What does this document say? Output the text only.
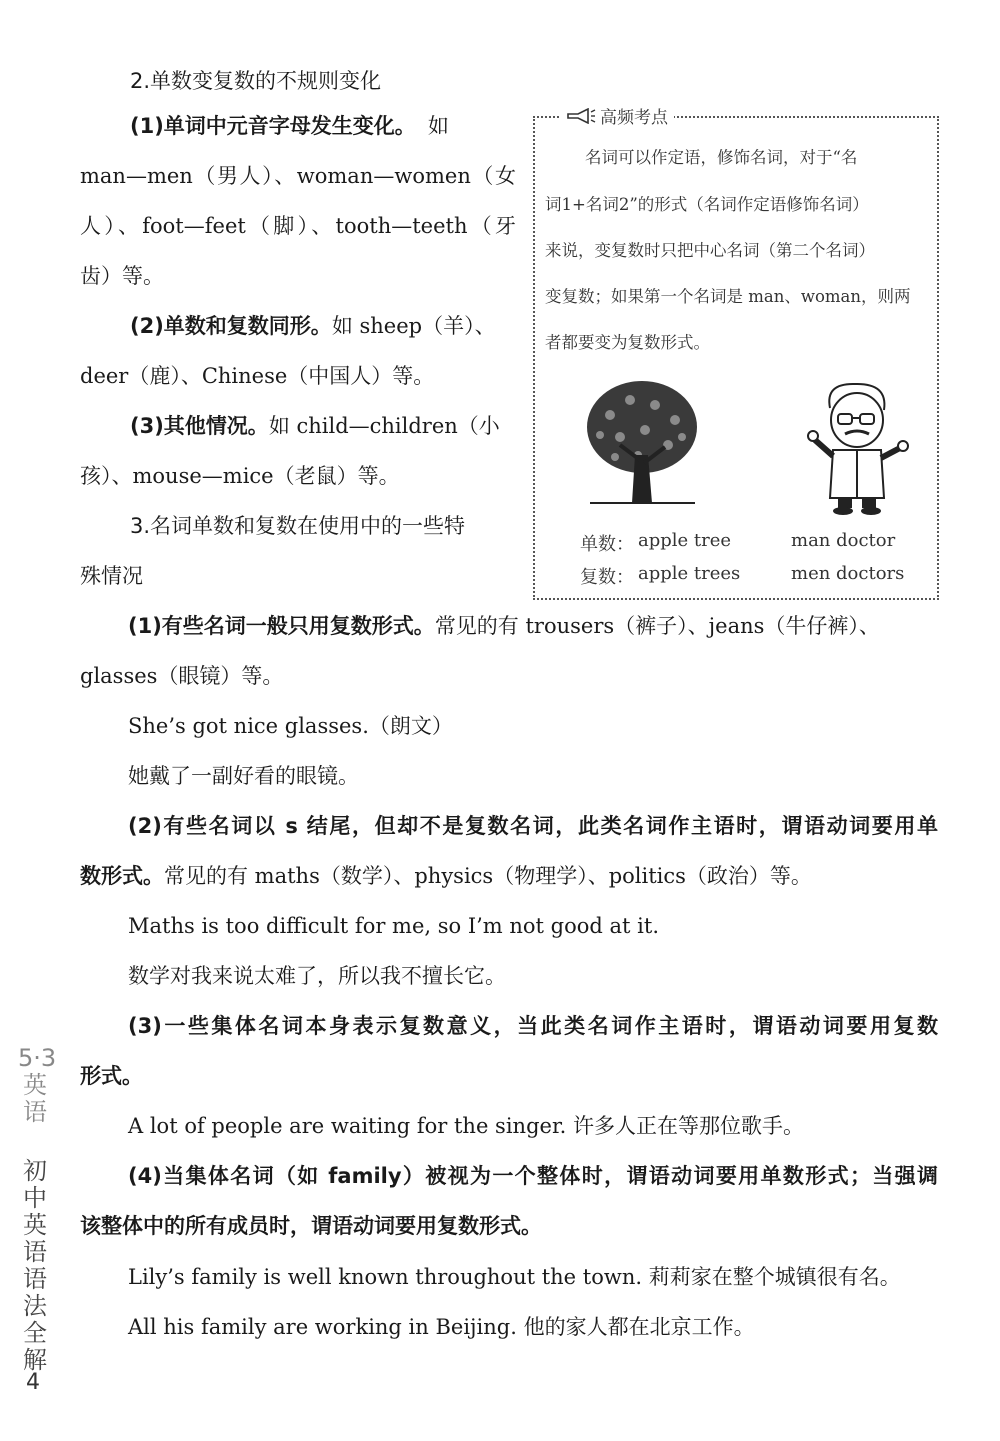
2.单数变复数的不规则变化
(1)单词中元音字母发生变化。 如
man—men（男人）、woman—women（女
人）、foot—feet（脚）、tooth—teeth（牙
齿）等。
(2)单数和复数同形。如 sheep（羊）、
deer（鹿）、Chinese（中国人）等。
(3)其他情况。如 child—children（小
孩）、mouse—mice（老鼠）等。
3.名词单数和复数在使用中的一些特
殊情况
高频考点
名词可以作定语，修饰名词，对于“名
词1+名词2”的形式（名词作定语修饰名词）
来说，变复数时只把中心名词（第二个名词）
变复数；如果第一个名词是 man、woman，则两
者都要变为复数形式。
单数： apple tree
复数： apple trees
man doctor
men doctors
(1)有些名词一般只用复数形式。常见的有 trousers（裤子）、jeans（牛仔裤）、
glasses（眼镜）等。
She’s got nice glasses.（朗文）
她戴了一副好看的眼镜。
(2)有些名词以 s 结尾，但却不是复数名词，此类名词作主语时，谓语动词要用单
数形式。常见的有 maths（数学）、physics（物理学）、politics（政治）等。
Maths is too difficult for me, so I’m not good at it.
数学对我来说太难了，所以我不擅长它。
(3)一些集体名词本身表示复数意义，当此类名词作主语时，谓语动词要用复数
形式。
A lot of people are waiting for the singer. 许多人正在等那位歌手。
(4)当集体名词（如 family）被视为一个整体时，谓语动词要用单数形式；当强调
该整体中的所有成员时，谓语动词要用复数形式。
Lily’s family is well known throughout the town. 莉莉家在整个城镇很有名。
All his family are working in Beijing. 他的家人都在北京工作。
5·3英语
初中英语语法全解
4
